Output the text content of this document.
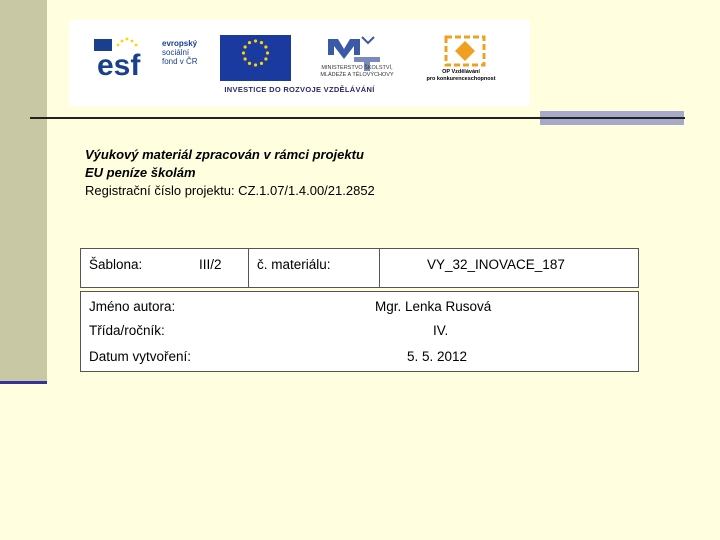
esf
evropský
sociální
fond v ČR
EVROPSKÁ UNIE
MINISTERSTVO ŠKOLSTVÍ,
MLÁDEŽE A TĚLOVÝCHOVY	OP Vzdělávání
pro konkurenceschopnost
INVESTICE DO ROZVOJE VZDĚLÁVÁNÍ
Výukový materiál zpracován v rámci projektu
EU peníze školám
Registrační číslo projektu: CZ.1.07/1.4.00/21.2852
Šablona:	III/2	č. materiálu:	VY_32_INOVACE_187
Jméno autora:	Mgr. Lenka Rusová
Třída/ročník:	IV.
Datum vytvoření:	5. 5. 2012
